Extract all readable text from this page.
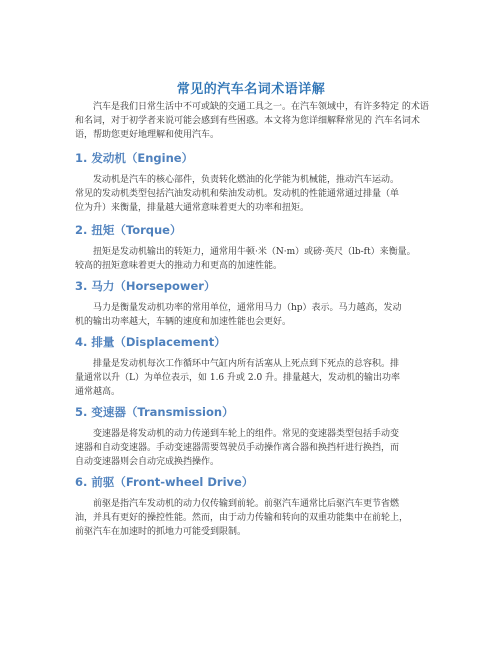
常见的汽车名词术语详解
　　汽车是我们日常生活中不可或缺的交通工具之一。在汽车领域中，有许多特定 的术语和名词，对于初学者来说可能会感到有些困惑。本文将为您详细解释常见的 汽车名词术语，帮助您更好地理解和使用汽车。
1. 发动机（Engine）
　　发动机是汽车的核心部件，负责转化燃油的化学能为机械能，推动汽车运动。
常见的发动机类型包括汽油发动机和柴油发动机。发动机的性能通常通过排量（单
位为升）来衡量，排量越大通常意味着更大的功率和扭矩。
2. 扭矩（Torque）
　　扭矩是发动机输出的转矩力，通常用牛顿·米（N·m）或磅·英尺（lb-ft）来衡量。
较高的扭矩意味着更大的推动力和更高的加速性能。
3. 马力（Horsepower）
　　马力是衡量发动机功率的常用单位，通常用马力（hp）表示。马力越高，发动
机的输出功率越大，车辆的速度和加速性能也会更好。
4. 排量（Displacement）
　　排量是发动机每次工作循环中气缸内所有活塞从上死点到下死点的总容积。排
量通常以升（L）为单位表示，如 1.6 升或 2.0 升。排量越大，发动机的输出功率
通常越高。
5. 变速器（Transmission）
　　变速器是将发动机的动力传递到车轮上的组件。常见的变速器类型包括手动变
速器和自动变速器。手动变速器需要驾驶员手动操作离合器和换挡杆进行换挡，而
自动变速器则会自动完成换挡操作。
6. 前驱（Front-wheel Drive）
　　前驱是指汽车发动机的动力仅传输到前轮。前驱汽车通常比后驱汽车更节省燃
油，并具有更好的操控性能。然而，由于动力传输和转向的双重功能集中在前轮上，
前驱汽车在加速时的抓地力可能受到限制。
